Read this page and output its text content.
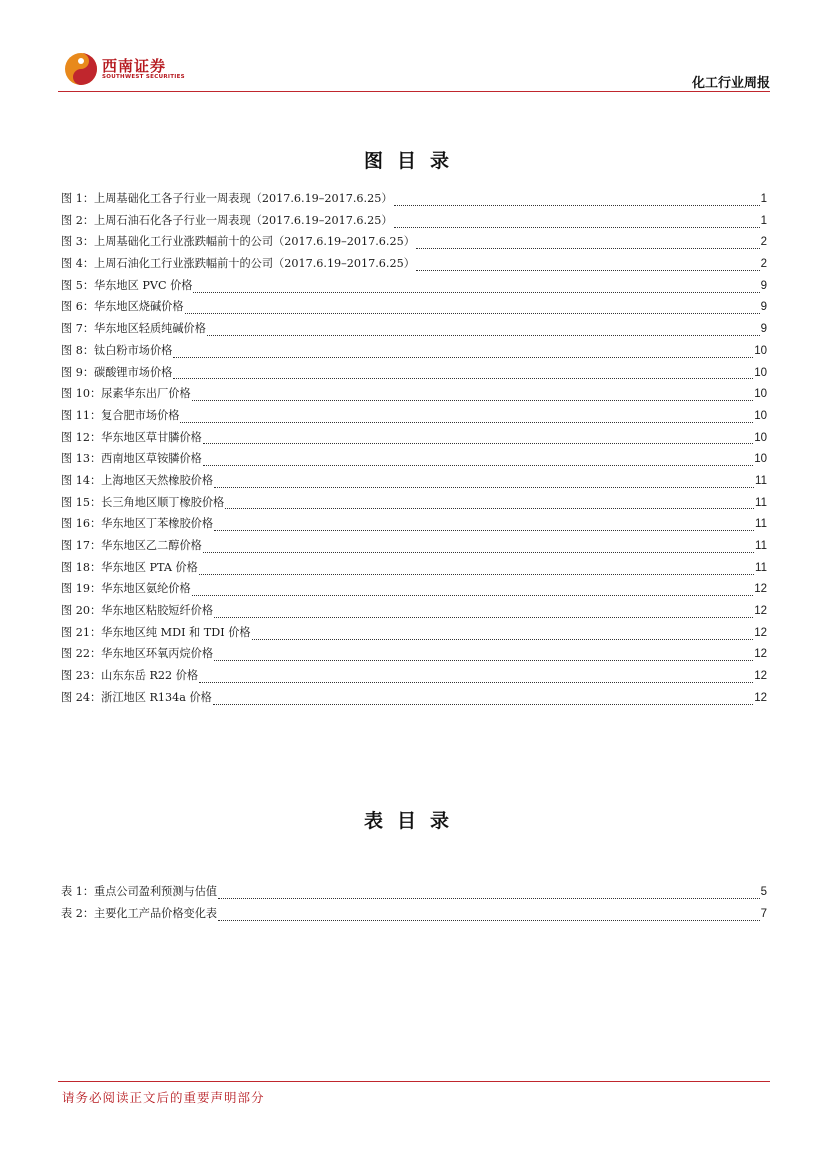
西南证券
SOUTHWEST SECURITIES	化工行业周报
图目录
图 1：上周基础化工各子行业一周表现（2017.6.19–2017.6.25）	1
图 2：上周石油石化各子行业一周表现（2017.6.19–2017.6.25）	1
图 3：上周基础化工行业涨跌幅前十的公司（2017.6.19–2017.6.25）	2
图 4：上周石油化工行业涨跌幅前十的公司（2017.6.19–2017.6.25）	2
图 5：华东地区 PVC 价格	9
图 6：华东地区烧碱价格	9
图 7：华东地区轻质纯碱价格	9
图 8：钛白粉市场价格	10
图 9：碳酸锂市场价格	10
图 10：尿素华东出厂价格	10
图 11：复合肥市场价格	10
图 12：华东地区草甘膦价格	10
图 13：西南地区草铵膦价格	10
图 14：上海地区天然橡胶价格	11
图 15：长三角地区顺丁橡胶价格	11
图 16：华东地区丁苯橡胶价格	11
图 17：华东地区乙二醇价格	11
图 18：华东地区 PTA 价格	11
图 19：华东地区氨纶价格	12
图 20：华东地区粘胶短纤价格	12
图 21：华东地区纯 MDI 和 TDI 价格	12
图 22：华东地区环氧丙烷价格	12
图 23：山东东岳 R22 价格	12
图 24：浙江地区 R134a 价格	12
表目录
表 1：重点公司盈利预测与估值	5
表 2：主要化工产品价格变化表	7
请务必阅读正文后的重要声明部分
